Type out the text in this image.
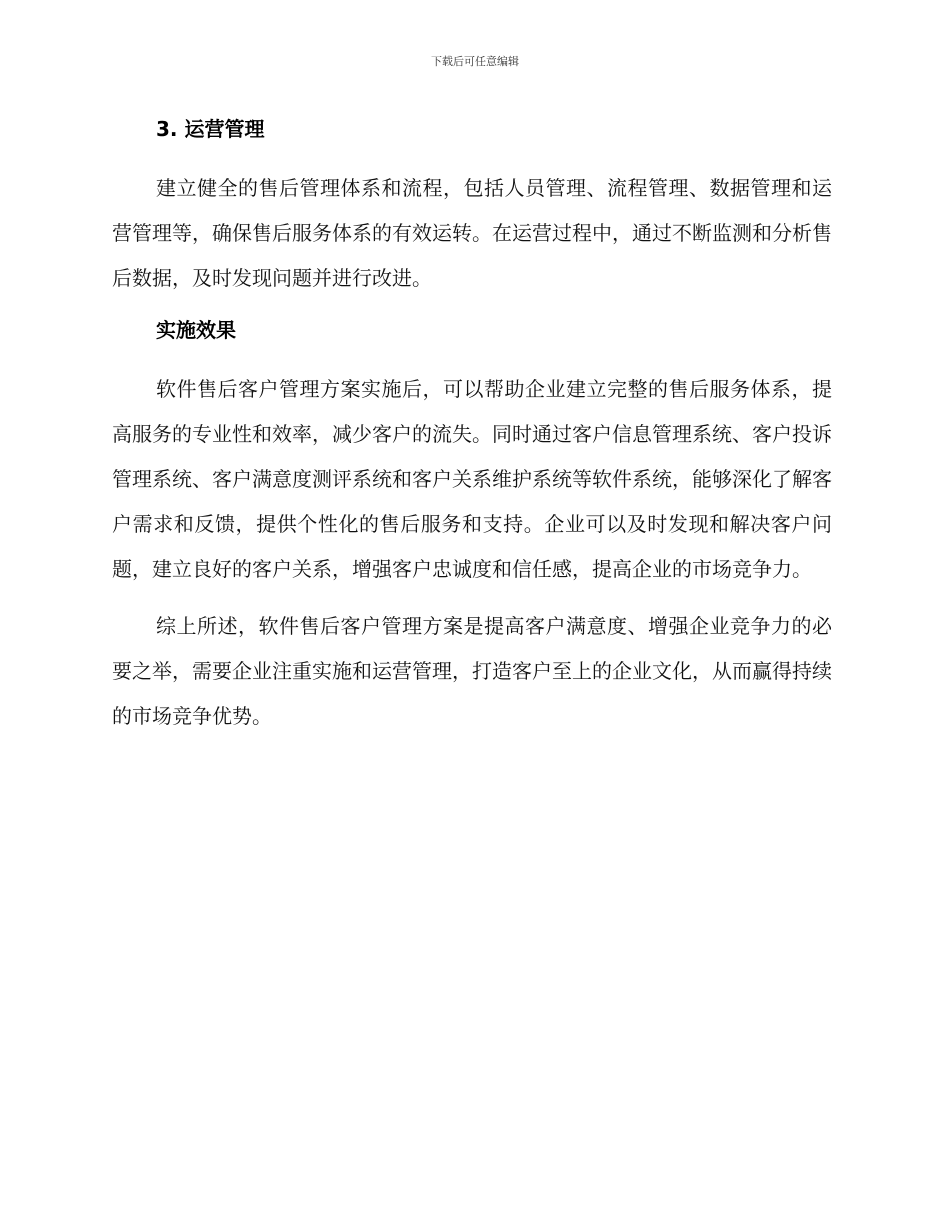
下载后可任意编辑
3. 运营管理

建立健全的售后管理体系和流程，包括人员管理、流程管理、数据管理和运营管理等，确保售后服务体系的有效运转。在运营过程中，通过不断监测和分析售后数据，及时发现问题并进行改进。

实施效果

软件售后客户管理方案实施后，可以帮助企业建立完整的售后服务体系，提高服务的专业性和效率，减少客户的流失。同时通过客户信息管理系统、客户投诉管理系统、客户满意度测评系统和客户关系维护系统等软件系统，能够深化了解客户需求和反馈，提供个性化的售后服务和支持。企业可以及时发现和解决客户问题，建立良好的客户关系，增强客户忠诚度和信任感，提高企业的市场竞争力。

综上所述，软件售后客户管理方案是提高客户满意度、增强企业竞争力的必要之举，需要企业注重实施和运营管理，打造客户至上的企业文化，从而赢得持续的市场竞争优势。
